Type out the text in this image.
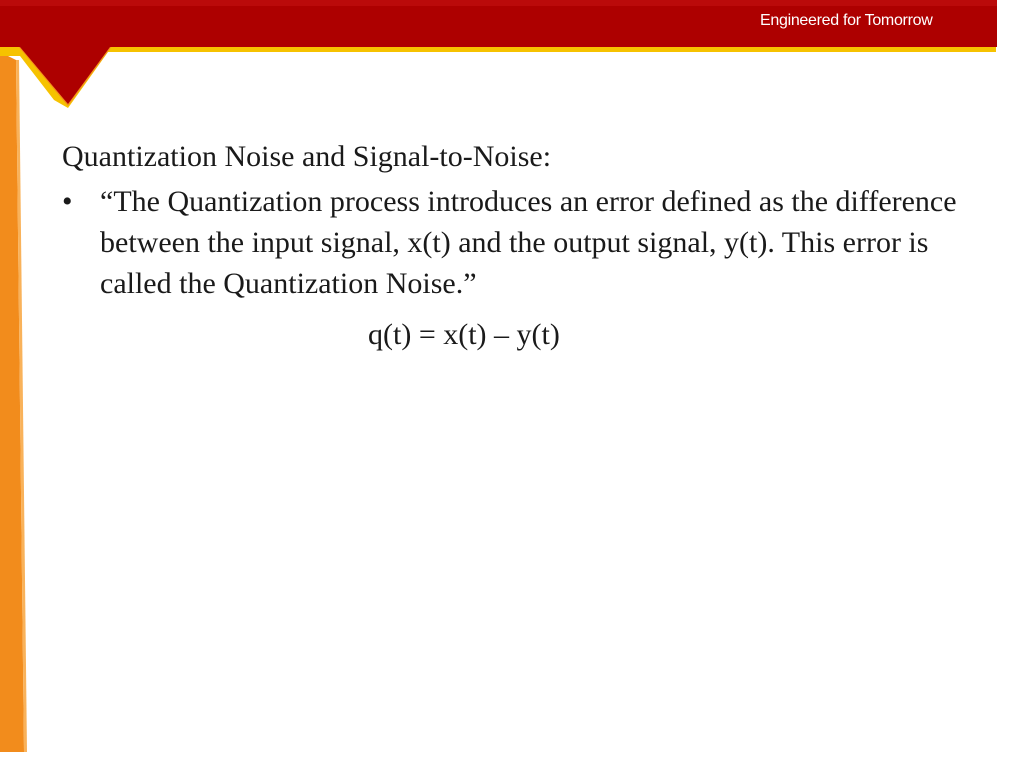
Engineered for Tomorrow
Quantization Noise and Signal-to-Noise:
• “The Quantization process introduces an error defined as the difference between the input signal, x(t) and the output signal, y(t). This error is called the Quantization Noise.”
q(t) = x(t) – y(t)
